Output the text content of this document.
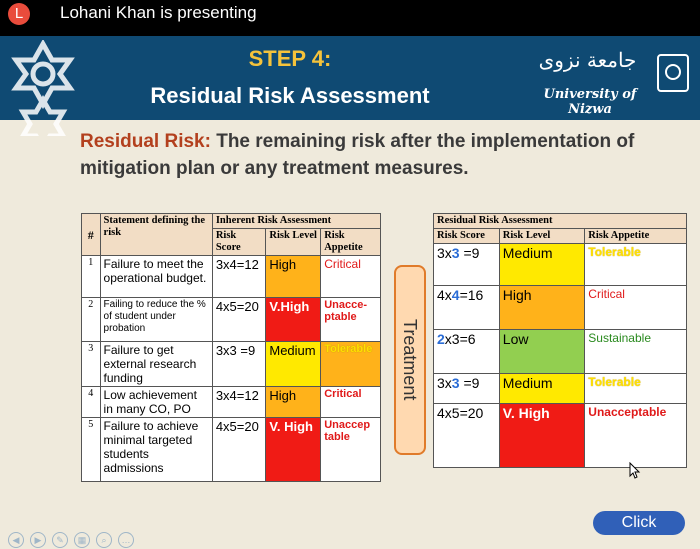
L	Lohani Khan is presenting
STEP 4:
Residual Risk Assessment
جامعة نزوى
University of Nizwa
Residual Risk: The remaining risk after the implementation of mitigation plan or any treatment measures.
#	Statement defining the risk	Inherent Risk Assessment		
		Risk Score	Risk Level	Risk Appetite
1	Failure to meet the operational budget.	3x4=12	High	Critical
2	Failing to reduce the % of student under probation	4x5=20	V.High	Unacce-ptable
3	Failure to get external research funding	3x3 =9	Medium	Tolerable
4	Low achievement in many CO, PO	3x4=12	High	Critical
5	Failure to achieve minimal targeted students admissions	4x5=20	V. High	Unaccep table
Treatment
Residual Risk Assessment		
Risk Score	Risk Level	Risk Appetite
3x3 =9	Medium	Tolerable
4x4=16	High	Critical
2x3=6	Low	Sustainable
3x3 =9	Medium	Tolerable
4x5=20	V. High	Unacceptable
Click
◀ ▶ ✎ ▦ ⌕ …
